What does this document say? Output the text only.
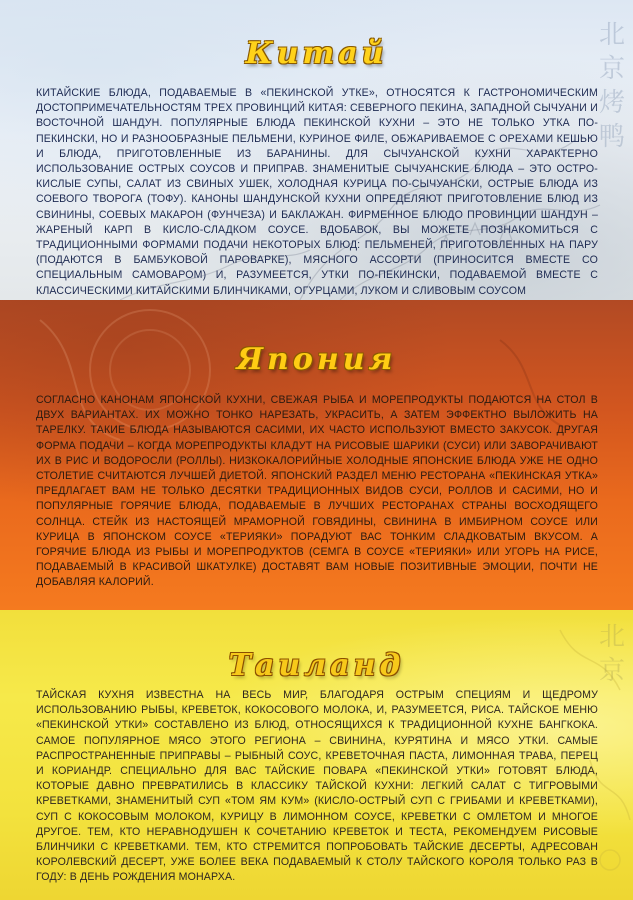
北
京
烤
鸭
Китай

КИТАЙСКИЕ БЛЮДА, ПОДАВАЕМЫЕ В «ПЕКИНСКОЙ УТКЕ», ОТНОСЯТСЯ К ГАСТРОНОМИЧЕСКИМ ДОСТОПРИМЕЧАТЕЛЬНОСТЯМ ТРЕХ ПРОВИНЦИЙ КИТАЯ: СЕВЕРНОГО ПЕКИНА, ЗАПАДНОЙ СЫЧУАНИ И ВОСТОЧНОЙ ШАНДУН. ПОПУЛЯРНЫЕ БЛЮДА ПЕКИНСКОЙ КУХНИ – ЭТО НЕ ТОЛЬКО УТКА ПО-ПЕКИНСКИ, НО И РАЗНООБРАЗНЫЕ ПЕЛЬМЕНИ, КУРИНОЕ ФИЛЕ, ОБЖАРИВАЕМОЕ С ОРЕХАМИ КЕШЬЮ И БЛЮДА, ПРИГОТОВЛЕННЫЕ ИЗ БАРАНИНЫ. ДЛЯ СЫЧУАНСКОЙ КУХНИ ХАРАКТЕРНО ИСПОЛЬЗОВАНИЕ ОСТРЫХ СОУСОВ И ПРИПРАВ. ЗНАМЕНИТЫЕ СЫЧУАНСКИЕ БЛЮДА – ЭТО ОСТРО-КИСЛЫЕ СУПЫ, САЛАТ ИЗ СВИНЫХ УШЕК, ХОЛОДНАЯ КУРИЦА ПО-СЫЧУАНСКИ, ОСТРЫЕ БЛЮДА ИЗ СОЕВОГО ТВОРОГА (ТОФУ). КАНОНЫ ШАНДУНСКОЙ КУХНИ ОПРЕДЕЛЯЮТ ПРИГОТОВЛЕНИЕ БЛЮД ИЗ СВИНИНЫ, СОЕВЫХ МАКАРОН (ФУНЧЕЗА) И БАКЛАЖАН. ФИРМЕННОЕ БЛЮДО ПРОВИНЦИИ ШАНДУН – ЖАРЕНЫЙ КАРП В КИСЛО-СЛАДКОМ СОУСЕ. ВДОБАВОК, ВЫ МОЖЕТЕ ПОЗНАКОМИТЬСЯ С ТРАДИЦИОННЫМИ ФОРМАМИ ПОДАЧИ НЕКОТОРЫХ БЛЮД: ПЕЛЬМЕНЕЙ, ПРИГОТОВЛЕННЫХ НА ПАРУ (ПОДАЮТСЯ В БАМБУКОВОЙ ПАРОВАРКЕ), МЯСНОГО АССОРТИ (ПРИНОСИТСЯ ВМЕСТЕ СО СПЕЦИАЛЬНЫМ САМОВАРОМ) И, РАЗУМЕЕТСЯ, УТКИ ПО-ПЕКИНСКИ, ПОДАВАЕМОЙ ВМЕСТЕ С КЛАССИЧЕСКИМИ КИТАЙСКИМИ БЛИНЧИКАМИ, ОГУРЦАМИ, ЛУКОМ И СЛИВОВЫМ СОУСОМ

Япония

СОГЛАСНО КАНОНАМ ЯПОНСКОЙ КУХНИ, СВЕЖАЯ РЫБА И МОРЕПРОДУКТЫ ПОДАЮТСЯ НА СТОЛ В ДВУХ ВАРИАНТАХ. ИХ МОЖНО ТОНКО НАРЕЗАТЬ, УКРАСИТЬ, А ЗАТЕМ ЭФФЕКТНО ВЫЛОЖИТЬ НА ТАРЕЛКУ. ТАКИЕ БЛЮДА НАЗЫВАЮТСЯ САСИМИ, ИХ ЧАСТО ИСПОЛЬЗУЮТ ВМЕСТО ЗАКУСОК. ДРУГАЯ ФОРМА ПОДАЧИ – КОГДА МОРЕПРОДУКТЫ КЛАДУТ НА РИСОВЫЕ ШАРИКИ (СУСИ) ИЛИ ЗАВОРАЧИВАЮТ ИХ В РИС И ВОДОРОСЛИ (РОЛЛЫ). НИЗКОКАЛОРИЙНЫЕ ХОЛОДНЫЕ ЯПОНСКИЕ БЛЮДА УЖЕ НЕ ОДНО СТОЛЕТИЕ СЧИТАЮТСЯ ЛУЧШЕЙ ДИЕТОЙ. ЯПОНСКИЙ РАЗДЕЛ МЕНЮ РЕСТОРАНА «ПЕКИНСКАЯ УТКА» ПРЕДЛАГАЕТ ВАМ НЕ ТОЛЬКО ДЕСЯТКИ ТРАДИЦИОННЫХ ВИДОВ СУСИ, РОЛЛОВ И САСИМИ, НО И ПОПУЛЯРНЫЕ ГОРЯЧИЕ БЛЮДА, ПОДАВАЕМЫЕ В ЛУЧШИХ РЕСТОРАНАХ СТРАНЫ ВОСХОДЯЩЕГО СОЛНЦА. СТЕЙК ИЗ НАСТОЯЩЕЙ МРАМОРНОЙ ГОВЯДИНЫ, СВИНИНА В ИМБИРНОМ СОУСЕ ИЛИ КУРИЦА В ЯПОНСКОМ СОУСЕ «ТЕРИЯКИ» ПОРАДУЮТ ВАС ТОНКИМ СЛАДКОВАТЫМ ВКУСОМ. А ГОРЯЧИЕ БЛЮДА ИЗ РЫБЫ И МОРЕПРОДУКТОВ (СЕМГА В СОУСЕ «ТЕРИЯКИ» ИЛИ УГОРЬ НА РИСЕ, ПОДАВАЕМЫЙ В КРАСИВОЙ ШКАТУЛКЕ) ДОСТАВЯТ ВАМ НОВЫЕ ПОЗИТИВНЫЕ ЭМОЦИИ, ПОЧТИ НЕ ДОБАВЛЯЯ КАЛОРИЙ.

北
京
Таиланд

ТАЙСКАЯ КУХНЯ ИЗВЕСТНА НА ВЕСЬ МИР, БЛАГОДАРЯ ОСТРЫМ СПЕЦИЯМ И ЩЕДРОМУ ИСПОЛЬЗОВАНИЮ РЫБЫ, КРЕВЕТОК, КОКОСОВОГО МОЛОКА, И, РАЗУМЕЕТСЯ, РИСА. ТАЙСКОЕ МЕНЮ «ПЕКИНСКОЙ УТКИ» СОСТАВЛЕНО ИЗ БЛЮД, ОТНОСЯЩИХСЯ К ТРАДИЦИОННОЙ КУХНЕ БАНГКОКА. САМОЕ ПОПУЛЯРНОЕ МЯСО ЭТОГО РЕГИОНА – СВИНИНА, КУРЯТИНА И МЯСО УТКИ. САМЫЕ РАСПРОСТРАНЕННЫЕ ПРИПРАВЫ – РЫБНЫЙ СОУС, КРЕВЕТОЧНАЯ ПАСТА, ЛИМОННАЯ ТРАВА, ПЕРЕЦ И КОРИАНДР. СПЕЦИАЛЬНО ДЛЯ ВАС ТАЙСКИЕ ПОВАРА «ПЕКИНСКОЙ УТКИ» ГОТОВЯТ БЛЮДА, КОТОРЫЕ ДАВНО ПРЕВРАТИЛИСЬ В КЛАССИКУ ТАЙСКОЙ КУХНИ: ЛЕГКИЙ САЛАТ С ТИГРОВЫМИ КРЕВЕТКАМИ, ЗНАМЕНИТЫЙ СУП «ТОМ ЯМ КУМ» (КИСЛО-ОСТРЫЙ СУП С ГРИБАМИ И КРЕВЕТКАМИ), СУП С КОКОСОВЫМ МОЛОКОМ, КУРИЦУ В ЛИМОННОМ СОУСЕ, КРЕВЕТКИ С ОМЛЕТОМ И МНОГОЕ ДРУГОЕ. ТЕМ, КТО НЕРАВНОДУШЕН К СОЧЕТАНИЮ КРЕВЕТОК И ТЕСТА, РЕКОМЕНДУЕМ РИСОВЫЕ БЛИНЧИКИ С КРЕВЕТКАМИ. ТЕМ, КТО СТРЕМИТСЯ ПОПРОБОВАТЬ ТАЙСКИЕ ДЕСЕРТЫ, АДРЕСОВАН КОРОЛЕВСКИЙ ДЕСЕРТ, УЖЕ БОЛЕЕ ВЕКА ПОДАВАЕМЫЙ К СТОЛУ ТАЙСКОГО КОРОЛЯ ТОЛЬКО РАЗ В ГОДУ: В ДЕНЬ РОЖДЕНИЯ МОНАРХА.
